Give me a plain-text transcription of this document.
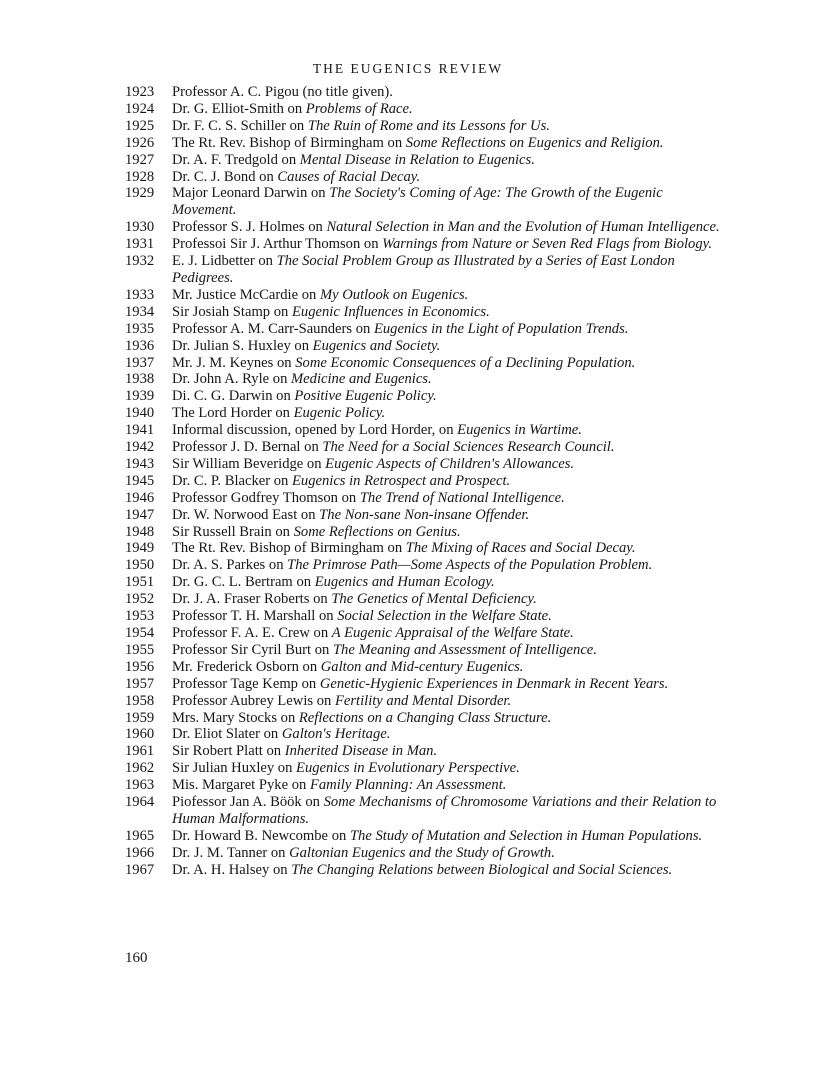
THE EUGENICS REVIEW
1923	Professor A. C. Pigou (no title given).
1924	Dr. G. Elliot-Smith on Problems of Race.
1925	Dr. F. C. S. Schiller on The Ruin of Rome and its Lessons for Us.
1926	The Rt. Rev. Bishop of Birmingham on Some Reflections on Eugenics and Religion.
1927	Dr. A. F. Tredgold on Mental Disease in Relation to Eugenics.
1928	Dr. C. J. Bond on Causes of Racial Decay.
1929	Major Leonard Darwin on The Society's Coming of Age: The Growth of the Eugenic Movement.
1930	Professor S. J. Holmes on Natural Selection in Man and the Evolution of Human Intelligence.
1931	Professoi Sir J. Arthur Thomson on Warnings from Nature or Seven Red Flags from Biology.
1932	E. J. Lidbetter on The Social Problem Group as Illustrated by a Series of East London Pedigrees.
1933	Mr. Justice McCardie on My Outlook on Eugenics.
1934	Sir Josiah Stamp on Eugenic Influences in Economics.
1935	Professor A. M. Carr-Saunders on Eugenics in the Light of Population Trends.
1936	Dr. Julian S. Huxley on Eugenics and Society.
1937	Mr. J. M. Keynes on Some Economic Consequences of a Declining Population.
1938	Dr. John A. Ryle on Medicine and Eugenics.
1939	Di. C. G. Darwin on Positive Eugenic Policy.
1940	The Lord Horder on Eugenic Policy.
1941	Informal discussion, opened by Lord Horder, on Eugenics in Wartime.
1942	Professor J. D. Bernal on The Need for a Social Sciences Research Council.
1943	Sir William Beveridge on Eugenic Aspects of Children's Allowances.
1945	Dr. C. P. Blacker on Eugenics in Retrospect and Prospect.
1946	Professor Godfrey Thomson on The Trend of National Intelligence.
1947	Dr. W. Norwood East on The Non-sane Non-insane Offender.
1948	Sir Russell Brain on Some Reflections on Genius.
1949	The Rt. Rev. Bishop of Birmingham on The Mixing of Races and Social Decay.
1950	Dr. A. S. Parkes on The Primrose Path—Some Aspects of the Population Problem.
1951	Dr. G. C. L. Bertram on Eugenics and Human Ecology.
1952	Dr. J. A. Fraser Roberts on The Genetics of Mental Deficiency.
1953	Professor T. H. Marshall on Social Selection in the Welfare State.
1954	Professor F. A. E. Crew on A Eugenic Appraisal of the Welfare State.
1955	Professor Sir Cyril Burt on The Meaning and Assessment of Intelligence.
1956	Mr. Frederick Osborn on Galton and Mid-century Eugenics.
1957	Professor Tage Kemp on Genetic-Hygienic Experiences in Denmark in Recent Years.
1958	Professor Aubrey Lewis on Fertility and Mental Disorder.
1959	Mrs. Mary Stocks on Reflections on a Changing Class Structure.
1960	Dr. Eliot Slater on Galton's Heritage.
1961	Sir Robert Platt on Inherited Disease in Man.
1962	Sir Julian Huxley on Eugenics in Evolutionary Perspective.
1963	Mis. Margaret Pyke on Family Planning: An Assessment.
1964	Piofessor Jan A. Böök on Some Mechanisms of Chromosome Variations and their Relation to Human Malformations.
1965	Dr. Howard B. Newcombe on The Study of Mutation and Selection in Human Populations.
1966	Dr. J. M. Tanner on Galtonian Eugenics and the Study of Growth.
1967	Dr. A. H. Halsey on The Changing Relations between Biological and Social Sciences.
160
